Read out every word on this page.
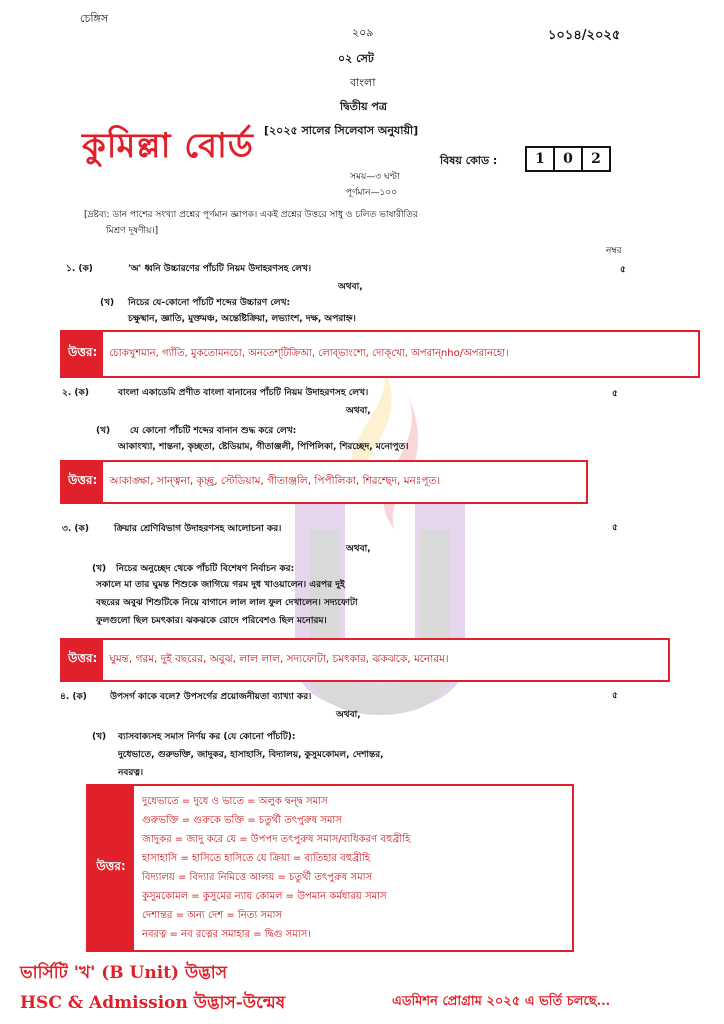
চেঙ্গিস
২০৯	১০১৪/২০২৫
০২ সেট
বাংলা
দ্বিতীয় পত্র
[২০২৫ সালের সিলেবাস অনুযায়ী]
কুমিল্লা বোর্ড	বিষয় কোড :	1	0	2
সময়—৩ ঘণ্টা
পূর্ণমান—১০০
[দ্রষ্টব্য: ডান পাশের সংখ্যা প্রশ্নের পূর্ণমান জ্ঞাপক। একই প্রশ্নের উত্তরে সাধু ও চলিত ভাষারীতির
মিশ্রণ দূষণীয়।]
নম্বর
১. (ক)	'অ' ধ্বনি উচ্চারণের পাঁচটি নিয়ম উদাহরণসহ লেখ।	৫
অথবা,
(খ) নিচের যে-কোনো পাঁচটি শব্দের উচ্চারণ লেখ:
চক্ষুষ্মান, জ্ঞাতি, মুক্তমঞ্চ, অন্তেষ্টিক্রিয়া, লভ্যাংশ, দক্ষ, অপরাহ্ন।
উত্তর:	চোকখুশমান, গ্যাঁতি, মুকতোমনচো, অনতেশ্‌টিক্রিআ, লোব্‌ভাংশো, দোক্‌খো, অপরান্‌nho/অপরানহো।
২. (ক)	বাংলা একাডেমি প্রণীত বাংলা বানানের পাঁচটি নিয়ম উদাহরণসহ লেখ।	৫
অথবা,
(খ) যে কোনো পাঁচটি শব্দের বানান শুদ্ধ করে লেখ:
আকাংখ্যা, শান্তনা, কৃচ্ছতা, ষ্টেডিয়াম, গীতাঞ্জলী, পিপিলিকা, শিরচ্ছেদ, মনোপুত।
উত্তর:	আকাঙ্ক্ষা, সান্ত্বনা, কৃচ্ছ্র, স্টেডিয়াম, গীতাঞ্জলি, পিপীলিকা, শিরশ্ছেদ, মনঃপূত।
৩. (ক)	ক্রিয়ার শ্রেণিবিভাগ উদাহরণসহ আলোচনা কর।	৫
অথবা,
(খ) নিচের অনুচ্ছেদ থেকে পাঁচটি বিশেষণ নির্বাচন কর:
সকালে মা তার ঘুমন্ত শিশুকে জাগিয়ে গরম দুধ খাওয়ালেন। এরপর দুই
বছরের অবুঝ শিশুটিকে নিয়ে বাগানে লাল লাল ফুল দেখালেন। সদ্যফোটা
ফুলগুলো ছিল চমৎকার। ঝকঝকে রোদে পরিবেশও ছিল মনোরম।
উত্তর:	ঘুমন্ত, গরম, দুই বছরের, অবুঝ, লাল লাল, সদ্যফোটা, চমৎকার, ঝকঝকে, মনোরম।
৪. (ক)	উপসর্গ কাকে বলে? উপসর্গের প্রয়োজনীয়তা ব্যাখ্যা কর।	৫
অথবা,
(খ) ব্যাসবাক্যসহ সমাস নির্ণয় কর (যে কোনো পাঁচটি):
দুধেভাতে, গুরুভক্তি, জাদুকর, হাসাহাসি, বিদ্যালয়, কুসুমকোমল, দেশান্তর,
নবরত্ন।
উত্তর:
দুধেভাতে = দুধে ও ভাতে = অলুক দ্বন্দ্ব সমাস
গুরুভক্তি = গুরুকে ভক্তি = চতুর্থী তৎপুরুষ সমাস
জাদুকর = জাদু করে যে = উপপদ তৎপুরুষ সমাস/ব্যধিকরণ বহুব্রীহি
হাসাহাসি = হাসিতে হাসিতে যে ক্রিয়া = ব্যতিহার বহুব্রীহি
বিদ্যালয় = বিদ্যার নিমিত্তে আলয় = চতুর্থী তৎপুরুষ সমাস
কুসুমকোমল = কুসুমের ন্যায় কোমল = উপমান কর্মধারয় সমাস
দেশান্তর = অন্য দেশ = নিত্য সমাস
নবরত্ন = নব রত্নের সমাহার = দ্বিগু সমাস।
ভার্সিটি 'খ' (B Unit) উদ্ভাস
HSC & Admission উদ্ভাস-উন্মেষ	এডমিশন প্রোগ্রাম ২০২৫ এ ভর্তি চলছে...
